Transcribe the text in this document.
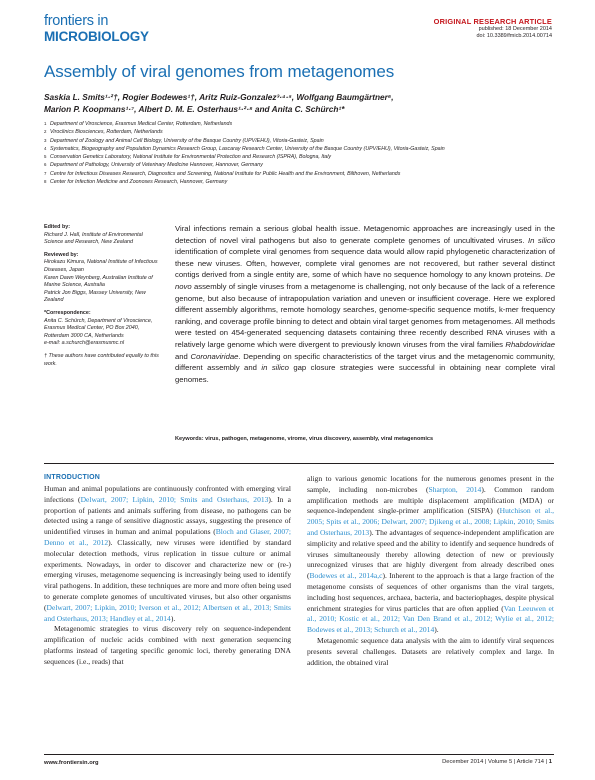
frontiers in
MICROBIOLOGY
ORIGINAL RESEARCH ARTICLE
published: 18 December 2014
doi: 10.3389/fmicb.2014.00714
Assembly of viral genomes from metagenomes
Saskia L. Smits¹·²†, Rogier Bodewes¹†, Aritz Ruiz-Gonzalez³·⁴·⁵, Wolfgang Baumgärtner⁶,
Marion P. Koopmans¹·⁷, Albert D. M. E. Osterhaus¹·²·⁸ and Anita C. Schürch¹*
1 Department of Viroscience, Erasmus Medical Center, Rotterdam, Netherlands
2 Viroclinics Biosciences, Rotterdam, Netherlands
3 Department of Zoology and Animal Cell Biology, University of the Basque Country (UPV/EHU), Vitoria-Gasteiz, Spain
4 Systematics, Biogeography and Population Dynamics Research Group, Lascaray Research Center, University of the Basque Country (UPV/EHU), Vitoria-Gasteiz, Spain
5 Conservation Genetics Laboratory, National Institute for Environmental Protection and Research (ISPRA), Bologna, Italy
6 Department of Pathology, University of Veterinary Medicine Hannover, Hannover, Germany
7 Centre for Infectious Diseases Research, Diagnostics and Screening, National Institute for Public Health and the Environment, Bilthoven, Netherlands
8 Center for Infection Medicine and Zoonoses Research, Hannover, Germany
Edited by:
Richard J. Hall, Institute of Environmental Science and Research, New Zealand
Reviewed by:
Hirokazu Kimura, National Institute of Infectious Diseases, Japan
Karen Dawn Weynberg, Australian Institute of Marine Science, Australia
Patrick Jon Biggs, Massey University, New Zealand
*Correspondence:
Anita C. Schürch, Department of Viroscience, Erasmus Medical Center, PO Box 2040, Rotterdam 3000 CA, Netherlands
e-mail: a.schurch@erasmusmc.nl
† These authors have contributed equally to this work.
Viral infections remain a serious global health issue. Metagenomic approaches are increasingly used in the detection of novel viral pathogens but also to generate complete genomes of uncultivated viruses. In silico identification of complete viral genomes from sequence data would allow rapid phylogenetic characterization of these new viruses. Often, however, complete viral genomes are not recovered, but rather several distinct contigs derived from a single entity are, some of which have no sequence homology to any known proteins. De novo assembly of single viruses from a metagenome is challenging, not only because of the lack of a reference genome, but also because of intrapopulation variation and uneven or insufficient coverage. Here we explored different assembly algorithms, remote homology searches, genome-specific sequence motifs, k-mer frequency ranking, and coverage profile binning to detect and obtain viral target genomes from metagenomes. All methods were tested on 454-generated sequencing datasets containing three recently described RNA viruses with a relatively large genome which were divergent to previously known viruses from the viral families Rhabdoviridae and Coronaviridae. Depending on specific characteristics of the target virus and the metagenomic community, different assembly and in silico gap closure strategies were successful in obtaining near complete viral genomes.
Keywords: virus, pathogen, metagenome, virome, virus discovery, assembly, viral metagenomics
INTRODUCTION

Human and animal populations are continuously confronted with emerging viral infections (Delwart, 2007; Lipkin, 2010; Smits and Osterhaus, 2013). In a proportion of patients and animals suffering from disease, no pathogens can be detected using a range of sensitive diagnostic assays, suggesting the presence of unidentified viruses in human and animal populations (Bloch and Glaser, 2007; Denno et al., 2012). Classically, new viruses were identified by standard molecular detection methods, virus replication in tissue culture or animal experiments. Nowadays, in order to discover and characterize new or (re-) emerging viruses, metagenome sequencing is increasingly being used to identify viral pathogens. In addition, these techniques are more and more often being used to generate complete genomes of uncultivated viruses, but also other organisms (Delwart, 2007; Lipkin, 2010; Iverson et al., 2012; Albertsen et al., 2013; Smits and Osterhaus, 2013; Handley et al., 2014).

Metagenomic strategies to virus discovery rely on sequence-independent amplification of nucleic acids combined with next generation sequencing platforms instead of targeting specific genomic loci, thereby generating DNA sequences (i.e., reads) that

align to various genomic locations for the numerous genomes present in the sample, including non-microbes (Sharpton, 2014). Common random amplification methods are multiple displacement amplification (MDA) or sequence-independent single-primer amplification (SISPA) (Hutchison et al., 2005; Spits et al., 2006; Delwart, 2007; Djikeng et al., 2008; Lipkin, 2010; Smits and Osterhaus, 2013). The advantages of sequence-independent amplification are simplicity and relative speed and the ability to identify and sequence hundreds of viruses simultaneously thereby allowing detection of new or previously unrecognized viruses that are highly divergent from already described ones (Bodewes et al., 2014a,c). Inherent to the approach is that a large fraction of the metagenome consists of sequences of other organisms than the viral targets, including host sequences, archaea, bacteria, and bacteriophages, despite physical enrichment strategies for virus particles that are often applied (Van Leeuwen et al., 2010; Kostic et al., 2012; Van Den Brand et al., 2012; Wylie et al., 2012; Bodewes et al., 2013; Schurch et al., 2014).

Metagenomic sequence data analysis with the aim to identify viral sequences presents several challenges. Datasets are relatively complex and large. In addition, the obtained viral

www.frontiersin.org	December 2014 | Volume 5 | Article 714 | 1
